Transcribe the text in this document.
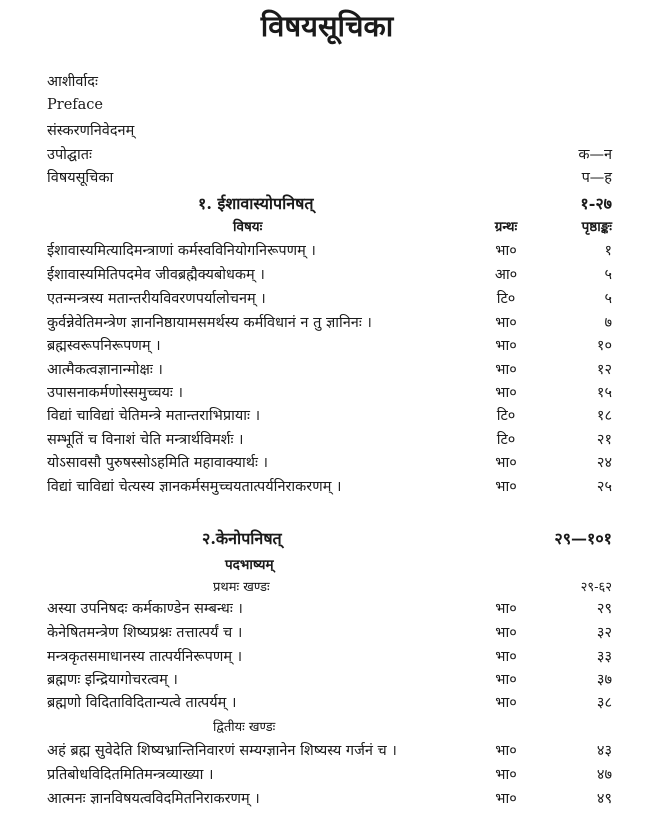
विषयसूचिका
आशीर्वादः
Preface
संस्करणनिवेदनम्
उपोद्घातः	क—न
विषयसूचिका	प—ह
१. ईशावास्योपनिषत्	१-२७
विषयः	ग्रन्थः	पृष्ठाङ्कः
ईशावास्यमित्यादिमन्त्राणां कर्मस्वविनियोगनिरूपणम् ।	भा०	१
ईशावास्यमितिपदमेव जीवब्रह्मैक्यबोधकम् ।	आ०	५
एतन्मन्त्रस्य मतान्तरीयविवरणपर्यालोचनम् ।	टि०	५
कुर्वन्नेवेतिमन्त्रेण ज्ञाननिष्ठायामसमर्थस्य कर्मविधानं न तु ज्ञानिनः ।	भा०	७
ब्रह्मस्वरूपनिरूपणम् ।	भा०	१०
आत्मैकत्वज्ञानान्मोक्षः ।	भा०	१२
उपासनाकर्मणोस्समुच्चयः ।	भा०	१५
विद्यां चाविद्यां चेतिमन्त्रे मतान्तराभिप्रायाः ।	टि०	१८
सम्भूतिं च विनाशं चेति मन्त्रार्थविमर्शः ।	टि०	२१
योऽसावसौ पुरुषस्सोऽहमिति महावाक्यार्थः ।	भा०	२४
विद्यां चाविद्यां चेत्यस्य ज्ञानकर्मसमुच्चयतात्पर्यनिराकरणम् ।	भा०	२५
२.केनोपनिषत्	२९—१०१
पदभाष्यम्
प्रथमः खण्डः	२९-६२
अस्या उपनिषदः कर्मकाण्डेन सम्बन्धः ।	भा०	२९
केनेषितमन्त्रेण शिष्यप्रश्नः तत्तात्पर्यं च ।	भा०	३२
मन्त्रकृतसमाधानस्य तात्पर्यनिरूपणम् ।	भा०	३३
ब्रह्मणः इन्द्रियागोचरत्वम् ।	भा०	३७
ब्रह्मणो विदिताविदितान्यत्वे तात्पर्यम् ।	भा०	३८
द्वितीयः खण्डः
अहं ब्रह्म सुवेदेति शिष्यभ्रान्तिनिवारणं सम्यग्ज्ञानेन शिष्यस्य गर्जनं च ।	भा०	४३
प्रतिबोधविदितमितिमन्त्रव्याख्या ।	भा०	४७
आत्मनः ज्ञानविषयत्वविदमितनिराकरणम् ।	भा०	४९
